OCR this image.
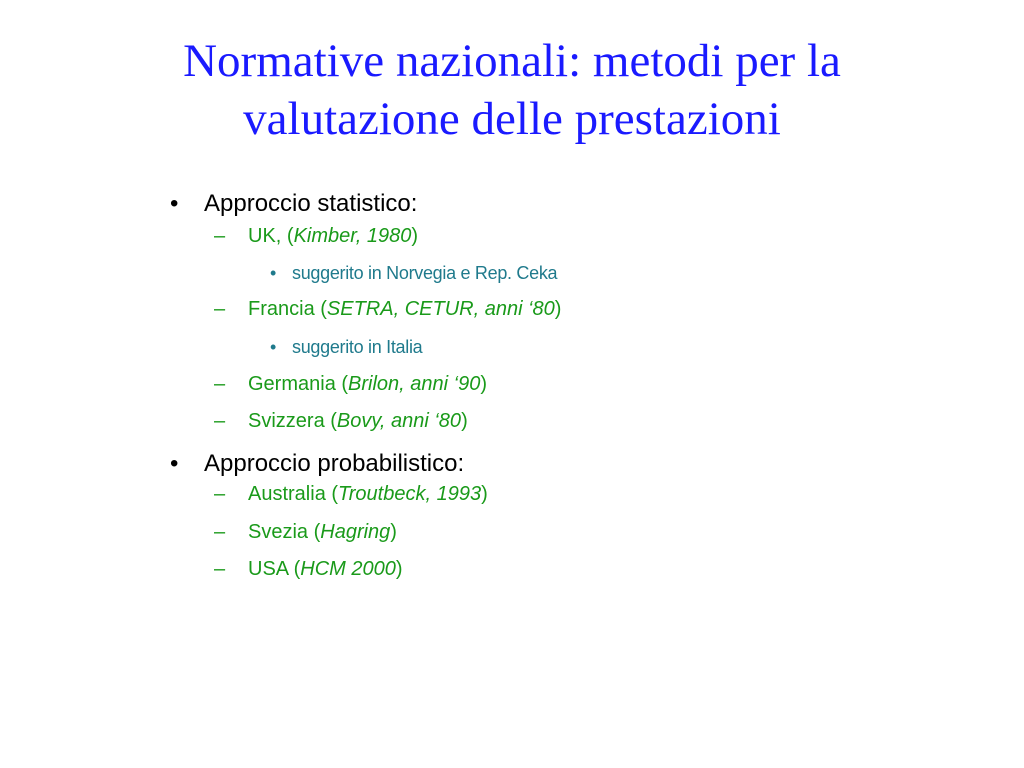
Normative nazionali: metodi per la
valutazione delle prestazioni
• Approccio statistico:
– UK, (Kimber, 1980)
• suggerito in Norvegia e Rep. Ceka
– Francia (SETRA, CETUR, anni ‘80)
• suggerito in Italia
– Germania (Brilon, anni ‘90)
– Svizzera (Bovy, anni ‘80)
• Approccio probabilistico:
– Australia (Troutbeck, 1993)
– Svezia (Hagring)
– USA (HCM 2000)
